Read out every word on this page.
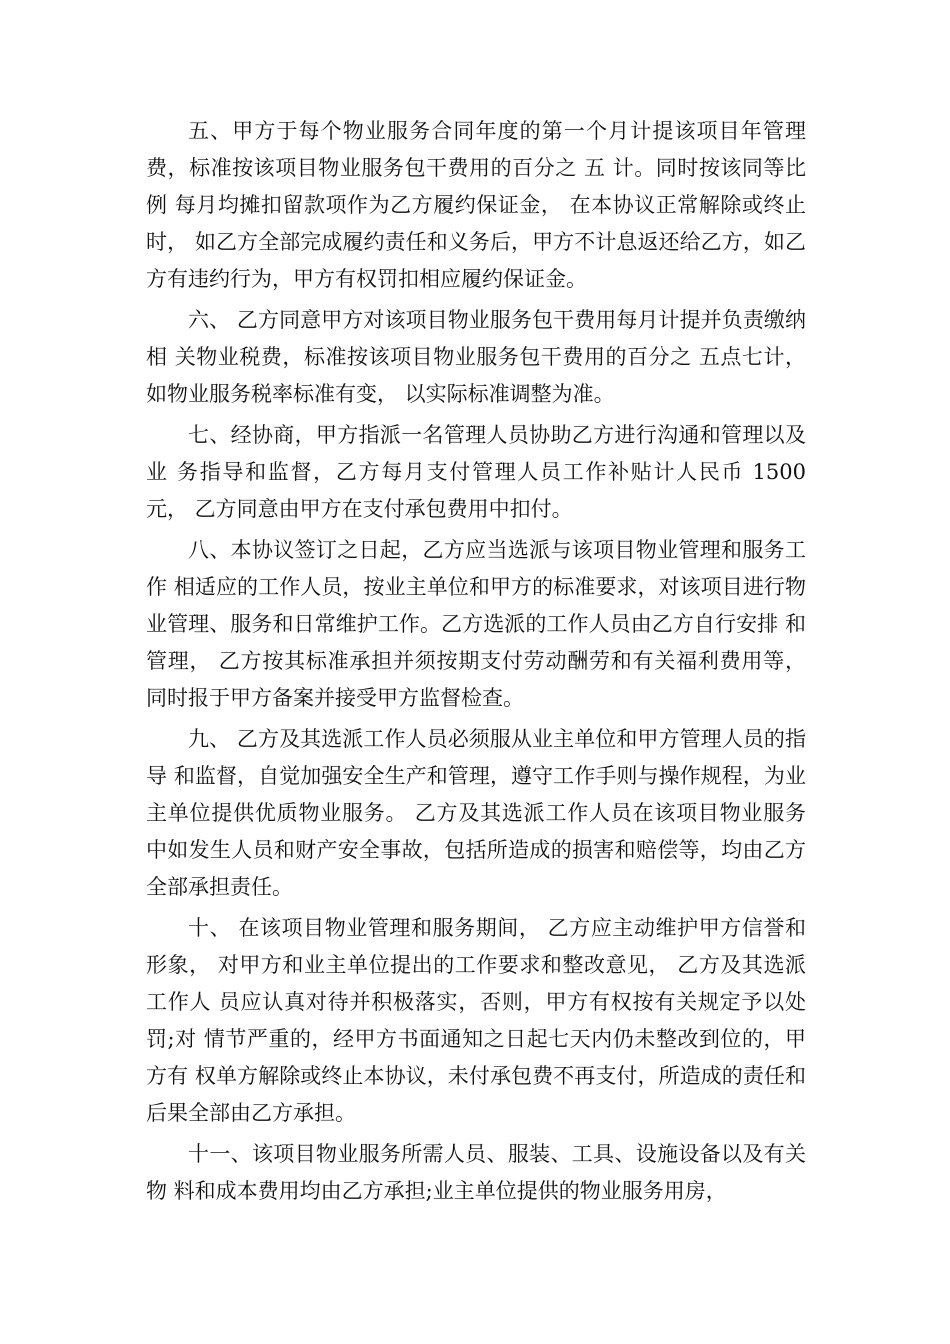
五、甲方于每个物业服务合同年度的第一个月计提该项目年管理费，标准按该项目物业服务包干费用的百分之 五 计。同时按该同等比例 每月均摊扣留款项作为乙方履约保证金， 在本协议正常解除或终止时， 如乙方全部完成履约责任和义务后，甲方不计息返还给乙方，如乙方有违约行为，甲方有权罚扣相应履约保证金。

六、 乙方同意甲方对该项目物业服务包干费用每月计提并负责缴纳相 关物业税费，标准按该项目物业服务包干费用的百分之 五点七计， 如物业服务税率标准有变， 以实际标准调整为准。

七、经协商，甲方指派一名管理人员协助乙方进行沟通和管理以及业 务指导和监督，乙方每月支付管理人员工作补贴计人民币 1500 元， 乙方同意由甲方在支付承包费用中扣付。

八、本协议签订之日起，乙方应当选派与该项目物业管理和服务工作 相适应的工作人员，按业主单位和甲方的标准要求，对该项目进行物业管理、服务和日常维护工作。乙方选派的工作人员由乙方自行安排 和管理， 乙方按其标准承担并须按期支付劳动酬劳和有关福利费用等， 同时报于甲方备案并接受甲方监督检查。

九、 乙方及其选派工作人员必须服从业主单位和甲方管理人员的指导 和监督，自觉加强安全生产和管理，遵守工作手则与操作规程，为业主单位提供优质物业服务。 乙方及其选派工作人员在该项目物业服务 中如发生人员和财产安全事故，包括所造成的损害和赔偿等，均由乙方全部承担责任。

十、 在该项目物业管理和服务期间， 乙方应主动维护甲方信誉和形象， 对甲方和业主单位提出的工作要求和整改意见， 乙方及其选派工作人 员应认真对待并积极落实，否则，甲方有权按有关规定予以处罚;对 情节严重的，经甲方书面通知之日起七天内仍未整改到位的，甲方有 权单方解除或终止本协议，未付承包费不再支付，所造成的责任和后果全部由乙方承担。

十一、该项目物业服务所需人员、服装、工具、设施设备以及有关物 料和成本费用均由乙方承担;业主单位提供的物业服务用房，
